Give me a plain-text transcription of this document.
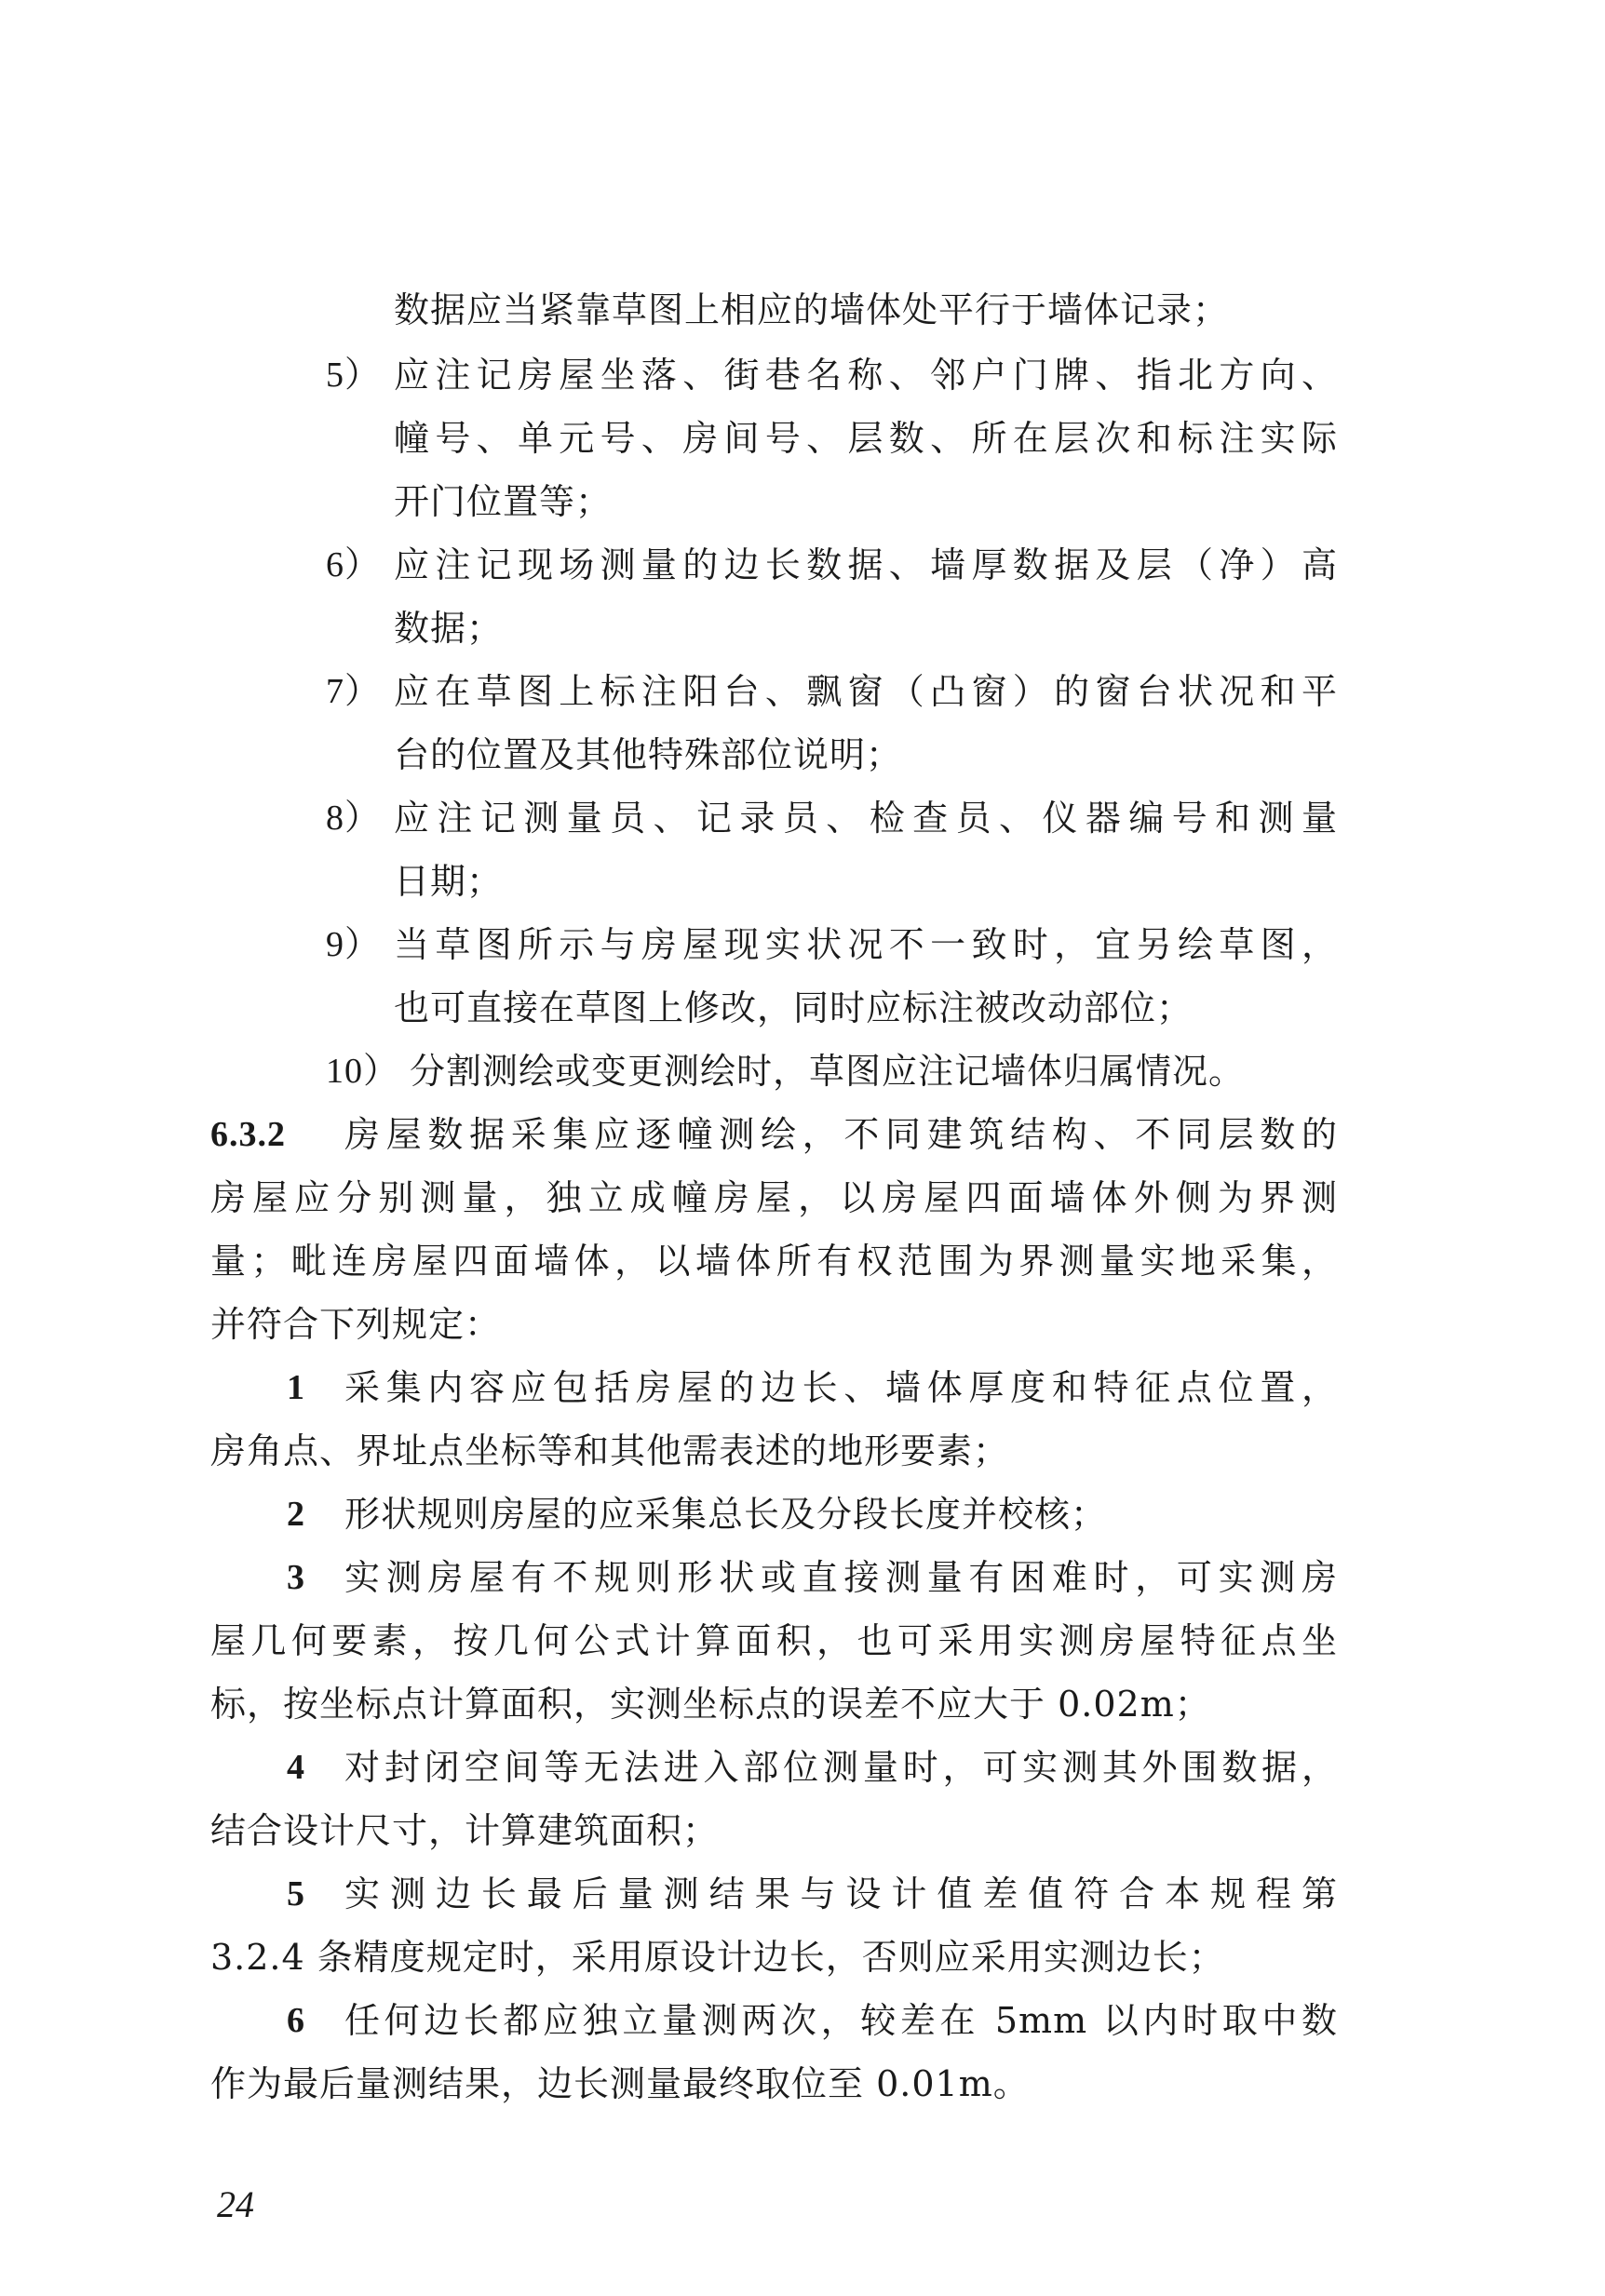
数据应当紧靠草图上相应的墙体处平行于墙体记录；
5） 应注记房屋坐落、街巷名称、邻户门牌、指北方向、
幢号、单元号、房间号、层数、所在层次和标注实际
开门位置等；
6） 应注记现场测量的边长数据、墙厚数据及层（净）高
数据；
7） 应在草图上标注阳台、飘窗（凸窗）的窗台状况和平
台的位置及其他特殊部位说明；
8） 应注记测量员、记录员、检查员、仪器编号和测量
日期；
9） 当草图所示与房屋现实状况不一致时，宜另绘草图，
也可直接在草图上修改，同时应标注被改动部位；
10） 分割测绘或变更测绘时，草图应注记墙体归属情况。
6.3.2 房屋数据采集应逐幢测绘，不同建筑结构、不同层数的
房屋应分别测量，独立成幢房屋，以房屋四面墙体外侧为界测
量；毗连房屋四面墙体，以墙体所有权范围为界测量实地采集，
并符合下列规定：
1 采集内容应包括房屋的边长、墙体厚度和特征点位置，
房角点、界址点坐标等和其他需表述的地形要素；
2 形状规则房屋的应采集总长及分段长度并校核；
3 实测房屋有不规则形状或直接测量有困难时，可实测房
屋几何要素，按几何公式计算面积，也可采用实测房屋特征点坐
标，按坐标点计算面积，实测坐标点的误差不应大于 0.02m；
4 对封闭空间等无法进入部位测量时，可实测其外围数据，
结合设计尺寸，计算建筑面积；
5 实测边长最后量测结果与设计值差值符合本规程第
3.2.4 条精度规定时，采用原设计边长，否则应采用实测边长；
6 任何边长都应独立量测两次，较差在 5mm 以内时取中数
作为最后量测结果，边长测量最终取位至 0.01m。
24
